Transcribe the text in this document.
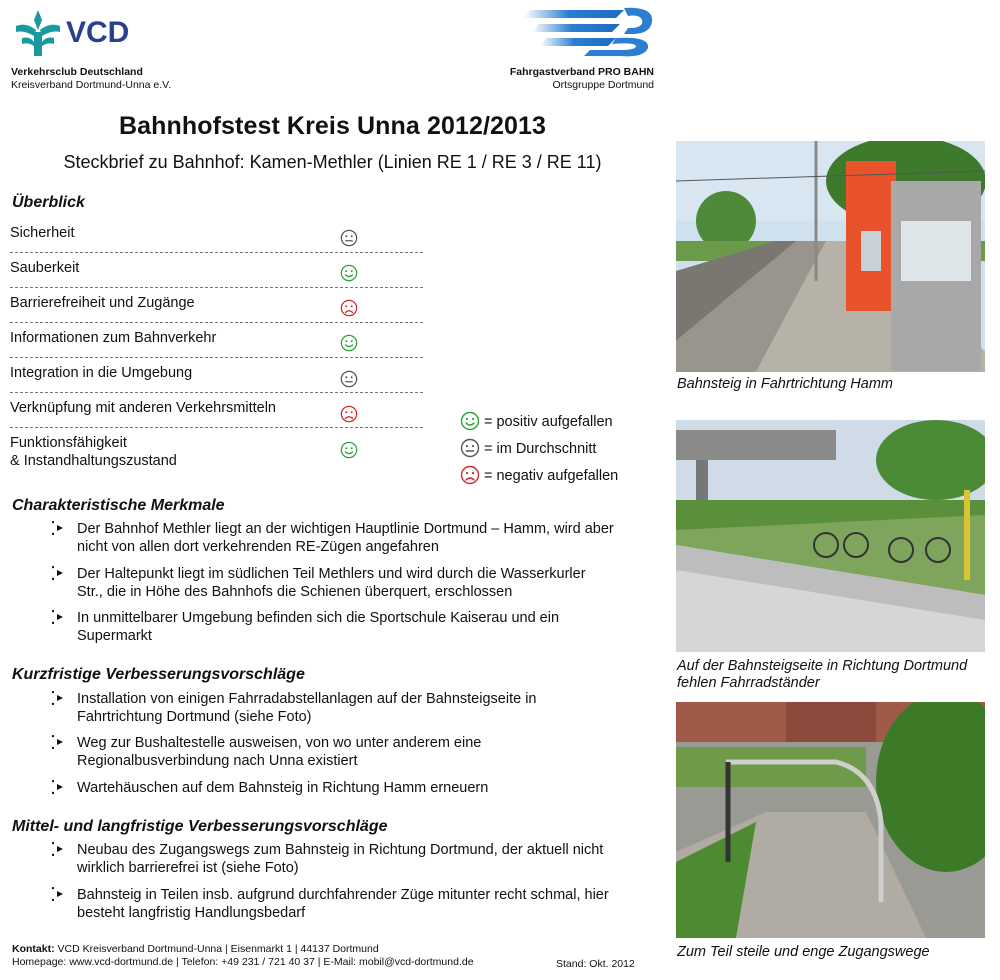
VCD
Verkehrsclub Deutschland
Kreisverband Dortmund-Unna e.V.
Fahrgastverband PRO BAHN
Ortsgruppe Dortmund
Bahnhofstest Kreis Unna 2012/2013
Steckbrief zu Bahnhof: Kamen-Methler (Linien RE 1 / RE 3 / RE 11)
Überblick
Sicherheit
Sauberkeit
Barrierefreiheit und Zugänge
Informationen zum Bahnverkehr
Integration in die Umgebung
Verknüpfung mit anderen Verkehrsmitteln
Funktionsfähigkeit
& Instandhaltungszustand
= positiv aufgefallen
= im Durchschnitt
= negativ aufgefallen
Charakteristische Merkmale
Der Bahnhof Methler liegt an der wichtigen Hauptlinie Dortmund – Hamm, wird aber
nicht von allen dort verkehrenden RE-Zügen angefahren
Der Haltepunkt liegt im südlichen Teil Methlers und wird durch die Wasserkurler
Str., die in Höhe des Bahnhofs die Schienen überquert, erschlossen
In unmittelbarer Umgebung befinden sich die Sportschule Kaiserau und ein
Supermarkt
Kurzfristige Verbesserungsvorschläge
Installation von einigen Fahrradabstellanlagen auf der Bahnsteigseite in
Fahrtrichtung Dortmund (siehe Foto)
Weg zur Bushaltestelle ausweisen, von wo unter anderem eine
Regionalbusverbindung nach Unna existiert
Wartehäuschen auf dem Bahnsteig in Richtung Hamm erneuern
Mittel- und langfristige Verbesserungsvorschläge
Neubau des Zugangswegs zum Bahnsteig in Richtung Dortmund, der aktuell nicht
wirklich barrierefrei ist (siehe Foto)
Bahnsteig in Teilen insb. aufgrund durchfahrender Züge mitunter recht schmal, hier
besteht langfristig Handlungsbedarf
Kontakt: VCD Kreisverband Dortmund-Unna | Eisenmarkt 1 | 44137 Dortmund
Homepage: www.vcd-dortmund.de | Telefon: +49 231 / 721 40 37 | E-Mail: mobil@vcd-dortmund.de	Stand: Okt. 2012
Bahnsteig in Fahrtrichtung Hamm
Auf der Bahnsteigseite in Richtung Dortmund
fehlen Fahrradständer
Zum Teil steile und enge Zugangswege
